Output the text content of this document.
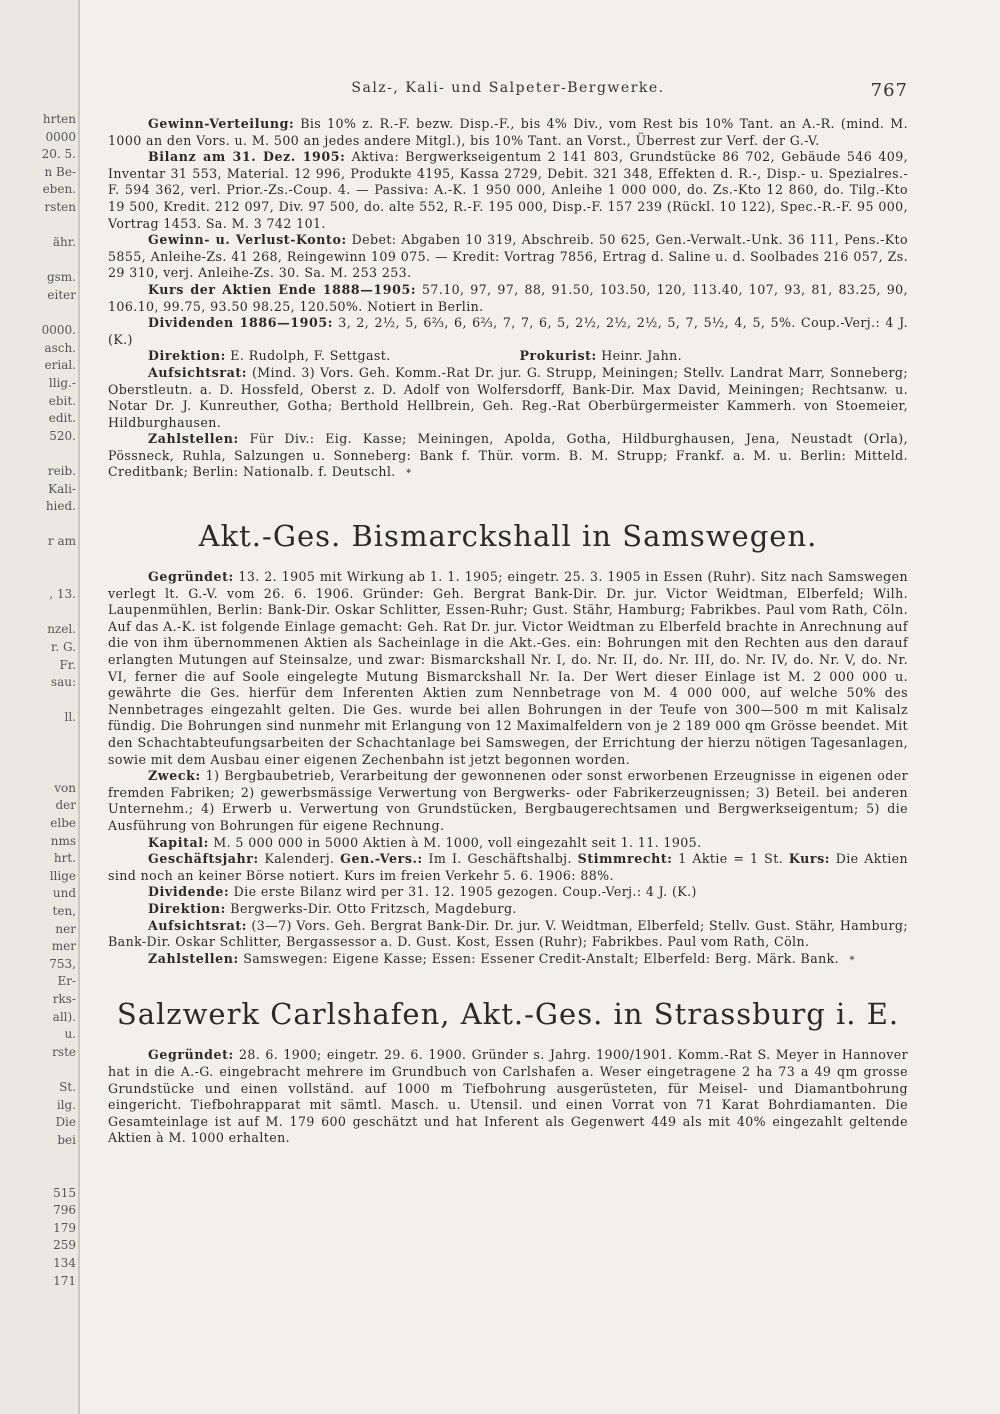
hrten
0000
20. 5.
n Be-
eben.
rsten
ähr.
gsm.
eiter
0000.
asch.
erial.
llig.-
ebit.
edit.
520.
reib.
Kali-
hied.
r am
, 13.
nzel.
r. G.
Fr.
sau:
ll.
von
der
elbe
nms
hrt.
llige
und
ten,
ner
mer
753,
Er-
rks-
all).
u.
rste
St.
ilg.
Die
bei
515
796
179
259
134
171
Salz-, Kali- und Salpeter-Bergwerke.	767

Gewinn-Verteilung: Bis 10% z. R.-F. bezw. Disp.-F., bis 4% Div., vom Rest bis 10% Tant. an A.-R. (mind. M. 1000 an den Vors. u. M. 500 an jedes andere Mitgl.), bis 10% Tant. an Vorst., Überrest zur Verf. der G.-V.

Bilanz am 31. Dez. 1905: Aktiva: Bergwerkseigentum 2 141 803, Grundstücke 86 702, Gebäude 546 409, Inventar 31 553, Material. 12 996, Produkte 4195, Kassa 2729, Debit. 321 348, Effekten d. R.-, Disp.- u. Spezialres.-F. 594 362, verl. Prior.-Zs.-Coup. 4. — Passiva: A.-K. 1 950 000, Anleihe 1 000 000, do. Zs.-Kto 12 860, do. Tilg.-Kto 19 500, Kredit. 212 097, Div. 97 500, do. alte 552, R.-F. 195 000, Disp.-F. 157 239 (Rückl. 10 122), Spec.-R.-F. 95 000, Vortrag 1453. Sa. M. 3 742 101.

Gewinn- u. Verlust-Konto: Debet: Abgaben 10 319, Abschreib. 50 625, Gen.-Verwalt.-Unk. 36 111, Pens.-Kto 5855, Anleihe-Zs. 41 268, Reingewinn 109 075. — Kredit: Vortrag 7856, Ertrag d. Saline u. d. Soolbades 216 057, Zs. 29 310, verj. Anleihe-Zs. 30. Sa. M. 253 253.

Kurs der Aktien Ende 1888—1905: 57.10, 97, 97, 88, 91.50, 103.50, 120, 113.40, 107, 93, 81, 83.25, 90, 106.10, 99.75, 93.50 98.25, 120.50%. Notiert in Berlin.

Dividenden 1886—1905: 3, 2, 2½, 5, 6⅔, 6, 6⅔, 7, 7, 6, 5, 2½, 2½, 2½, 5, 7, 5½, 4, 5, 5%. Coup.-Verj.: 4 J. (K.)

Direktion: E. Rudolph, F. Settgast.	Prokurist: Heinr. Jahn.

Aufsichtsrat: (Mind. 3) Vors. Geh. Komm.-Rat Dr. jur. G. Strupp, Meiningen; Stellv. Landrat Marr, Sonneberg; Oberstleutn. a. D. Hossfeld, Oberst z. D. Adolf von Wolfersdorff, Bank-Dir. Max David, Meiningen; Rechtsanw. u. Notar Dr. J. Kunreuther, Gotha; Berthold Hellbrein, Geh. Reg.-Rat Oberbürgermeister Kammerh. von Stoemeier, Hildburghausen.

Zahlstellen: Für Div.: Eig. Kasse; Meiningen, Apolda, Gotha, Hildburghausen, Jena, Neustadt (Orla), Pössneck, Ruhla, Salzungen u. Sonneberg: Bank f. Thür. vorm. B. M. Strupp; Frankf. a. M. u. Berlin: Mitteld. Creditbank; Berlin: Nationalb. f. Deutschl. *

Akt.-Ges. Bismarckshall in Samswegen.

Gegründet: 13. 2. 1905 mit Wirkung ab 1. 1. 1905; eingetr. 25. 3. 1905 in Essen (Ruhr). Sitz nach Samswegen verlegt lt. G.-V. vom 26. 6. 1906. Gründer: Geh. Bergrat Bank-Dir. Dr. jur. Victor Weidtman, Elberfeld; Wilh. Laupenmühlen, Berlin: Bank-Dir. Oskar Schlitter, Essen-Ruhr; Gust. Stähr, Hamburg; Fabrikbes. Paul vom Rath, Cöln. Auf das A.-K. ist folgende Einlage gemacht: Geh. Rat Dr. jur. Victor Weidtman zu Elberfeld brachte in Anrechnung auf die von ihm übernommenen Aktien als Sacheinlage in die Akt.-Ges. ein: Bohrungen mit den Rechten aus den darauf erlangten Mutungen auf Steinsalze, und zwar: Bismarckshall Nr. I, do. Nr. II, do. Nr. III, do. Nr. IV, do. Nr. V, do. Nr. VI, ferner die auf Soole eingelegte Mutung Bismarckshall Nr. Ia. Der Wert dieser Einlage ist M. 2 000 000 u. gewährte die Ges. hierfür dem Inferenten Aktien zum Nennbetrage von M. 4 000 000, auf welche 50% des Nennbetrages eingezahlt gelten. Die Ges. wurde bei allen Bohrungen in der Teufe von 300—500 m mit Kalisalz fündig. Die Bohrungen sind nunmehr mit Erlangung von 12 Maximalfeldern von je 2 189 000 qm Grösse beendet. Mit den Schachtabteufungsarbeiten der Schachtanlage bei Samswegen, der Errichtung der hierzu nötigen Tagesanlagen, sowie mit dem Ausbau einer eigenen Zechenbahn ist jetzt begonnen worden.

Zweck: 1) Bergbaubetrieb, Verarbeitung der gewonnenen oder sonst erworbenen Erzeugnisse in eigenen oder fremden Fabriken; 2) gewerbsmässige Verwertung von Bergwerks- oder Fabrikerzeugnissen; 3) Beteil. bei anderen Unternehm.; 4) Erwerb u. Verwertung von Grundstücken, Bergbaugerechtsamen und Bergwerkseigentum; 5) die Ausführung von Bohrungen für eigene Rechnung.

Kapital: M. 5 000 000 in 5000 Aktien à M. 1000, voll eingezahlt seit 1. 11. 1905.

Geschäftsjahr: Kalenderj. Gen.-Vers.: Im I. Geschäftshalbj. Stimmrecht: 1 Aktie = 1 St. Kurs: Die Aktien sind noch an keiner Börse notiert. Kurs im freien Verkehr 5. 6. 1906: 88%.

Dividende: Die erste Bilanz wird per 31. 12. 1905 gezogen. Coup.-Verj.: 4 J. (K.)

Direktion: Bergwerks-Dir. Otto Fritzsch, Magdeburg.

Aufsichtsrat: (3—7) Vors. Geh. Bergrat Bank-Dir. Dr. jur. V. Weidtman, Elberfeld; Stellv. Gust. Stähr, Hamburg; Bank-Dir. Oskar Schlitter, Bergassessor a. D. Gust. Kost, Essen (Ruhr); Fabrikbes. Paul vom Rath, Cöln.

Zahlstellen: Samswegen: Eigene Kasse; Essen: Essener Credit-Anstalt; Elberfeld: Berg. Märk. Bank. *

Salzwerk Carlshafen, Akt.-Ges. in Strassburg i. E.

Gegründet: 28. 6. 1900; eingetr. 29. 6. 1900. Gründer s. Jahrg. 1900/1901. Komm.-Rat S. Meyer in Hannover hat in die A.-G. eingebracht mehrere im Grundbuch von Carlshafen a. Weser eingetragene 2 ha 73 a 49 qm grosse Grundstücke und einen vollständ. auf 1000 m Tiefbohrung ausgerüsteten, für Meisel- und Diamantbohrung eingericht. Tiefbohrapparat mit sämtl. Masch. u. Utensil. und einen Vorrat von 71 Karat Bohrdiamanten. Die Gesamteinlage ist auf M. 179 600 geschätzt und hat Inferent als Gegenwert 449 als mit 40% eingezahlt geltende Aktien à M. 1000 erhalten.
